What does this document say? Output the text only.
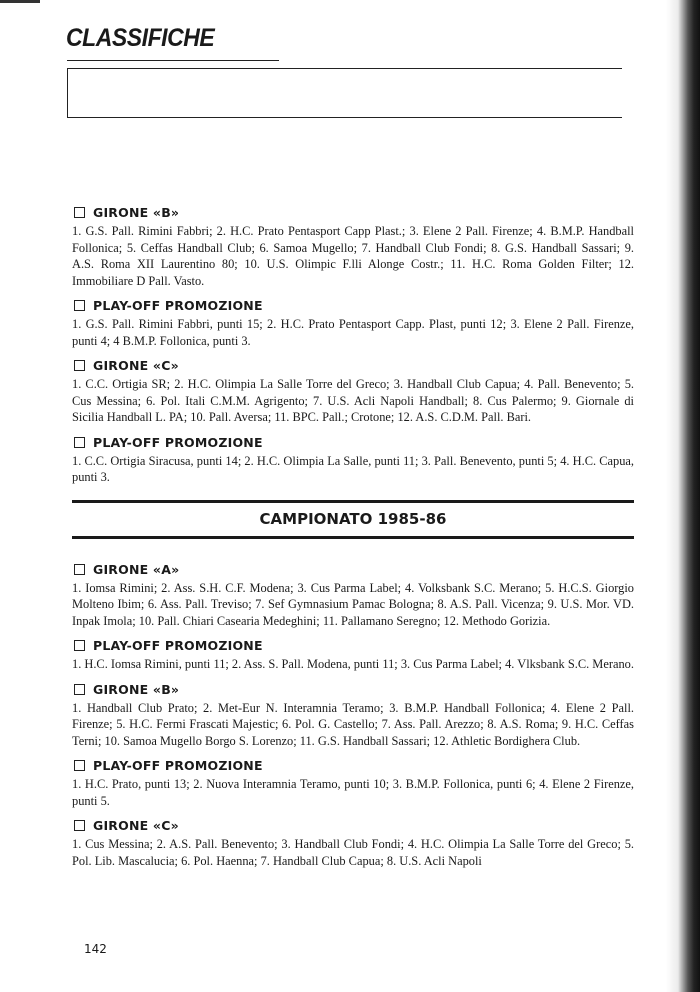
CLASSIFICHE
GIRONE «B»

1. G.S. Pall. Rimini Fabbri; 2. H.C. Prato Pentasport Capp Plast.; 3. Elene 2 Pall. Firenze; 4. B.M.P. Handball Follonica; 5. Ceffas Handball Club; 6. Samoa Mugello; 7. Handball Club Fondi; 8. G.S. Handball Sassari; 9. A.S. Roma XII Laurentino 80; 10. U.S. Olimpic F.lli Alonge Costr.; 11. H.C. Roma Golden Filter; 12. Immobiliare D Pall. Vasto.

PLAY-OFF PROMOZIONE

1. G.S. Pall. Rimini Fabbri, punti 15; 2. H.C. Prato Pentasport Capp. Plast, punti 12; 3. Elene 2 Pall. Firenze, punti 4; 4 B.M.P. Follonica, punti 3.

GIRONE «C»

1. C.C. Ortigia SR; 2. H.C. Olimpia La Salle Torre del Greco; 3. Handball Club Capua; 4. Pall. Benevento; 5. Cus Messina; 6. Pol. Itali C.M.M. Agrigento; 7. U.S. Acli Napoli Handball; 8. Cus Palermo; 9. Giornale di Sicilia Handball L. PA; 10. Pall. Aversa; 11. BPC. Pall.; Crotone; 12. A.S. C.D.M. Pall. Bari.

PLAY-OFF PROMOZIONE

1. C.C. Ortigia Siracusa, punti 14; 2. H.C. Olimpia La Salle, punti 11; 3. Pall. Benevento, punti 5; 4. H.C. Capua, punti 3.

CAMPIONATO 1985-86
GIRONE «A»

1. Iomsa Rimini; 2. Ass. S.H. C.F. Modena; 3. Cus Parma Label; 4. Volksbank S.C. Merano; 5. H.C.S. Giorgio Molteno Ibim; 6. Ass. Pall. Treviso; 7. Sef Gymnasium Pamac Bologna; 8. A.S. Pall. Vicenza; 9. U.S. Mor. VD. Inpak Imola; 10. Pall. Chiari Casearia Medeghini; 11. Pallamano Seregno; 12. Methodo Gorizia.

PLAY-OFF PROMOZIONE

1. H.C. Iomsa Rimini, punti 11; 2. Ass. S. Pall. Modena, punti 11; 3. Cus Parma Label; 4. Vlksbank S.C. Merano.

GIRONE «B»

1. Handball Club Prato; 2. Met-Eur N. Interamnia Teramo; 3. B.M.P. Handball Follonica; 4. Elene 2 Pall. Firenze; 5. H.C. Fermi Frascati Majestic; 6. Pol. G. Castello; 7. Ass. Pall. Arezzo; 8. A.S. Roma; 9. H.C. Ceffas Terni; 10. Samoa Mugello Borgo S. Lorenzo; 11. G.S. Handball Sassari; 12. Athletic Bordighera Club.

PLAY-OFF PROMOZIONE

1. H.C. Prato, punti 13; 2. Nuova Interamnia Teramo, punti 10; 3. B.M.P. Follonica, punti 6; 4. Elene 2 Firenze, punti 5.

GIRONE «C»

1. Cus Messina; 2. A.S. Pall. Benevento; 3. Handball Club Fondi; 4. H.C. Olimpia La Salle Torre del Greco; 5. Pol. Lib. Mascalucia; 6. Pol. Haenna; 7. Handball Club Capua; 8. U.S. Acli Napoli

142
